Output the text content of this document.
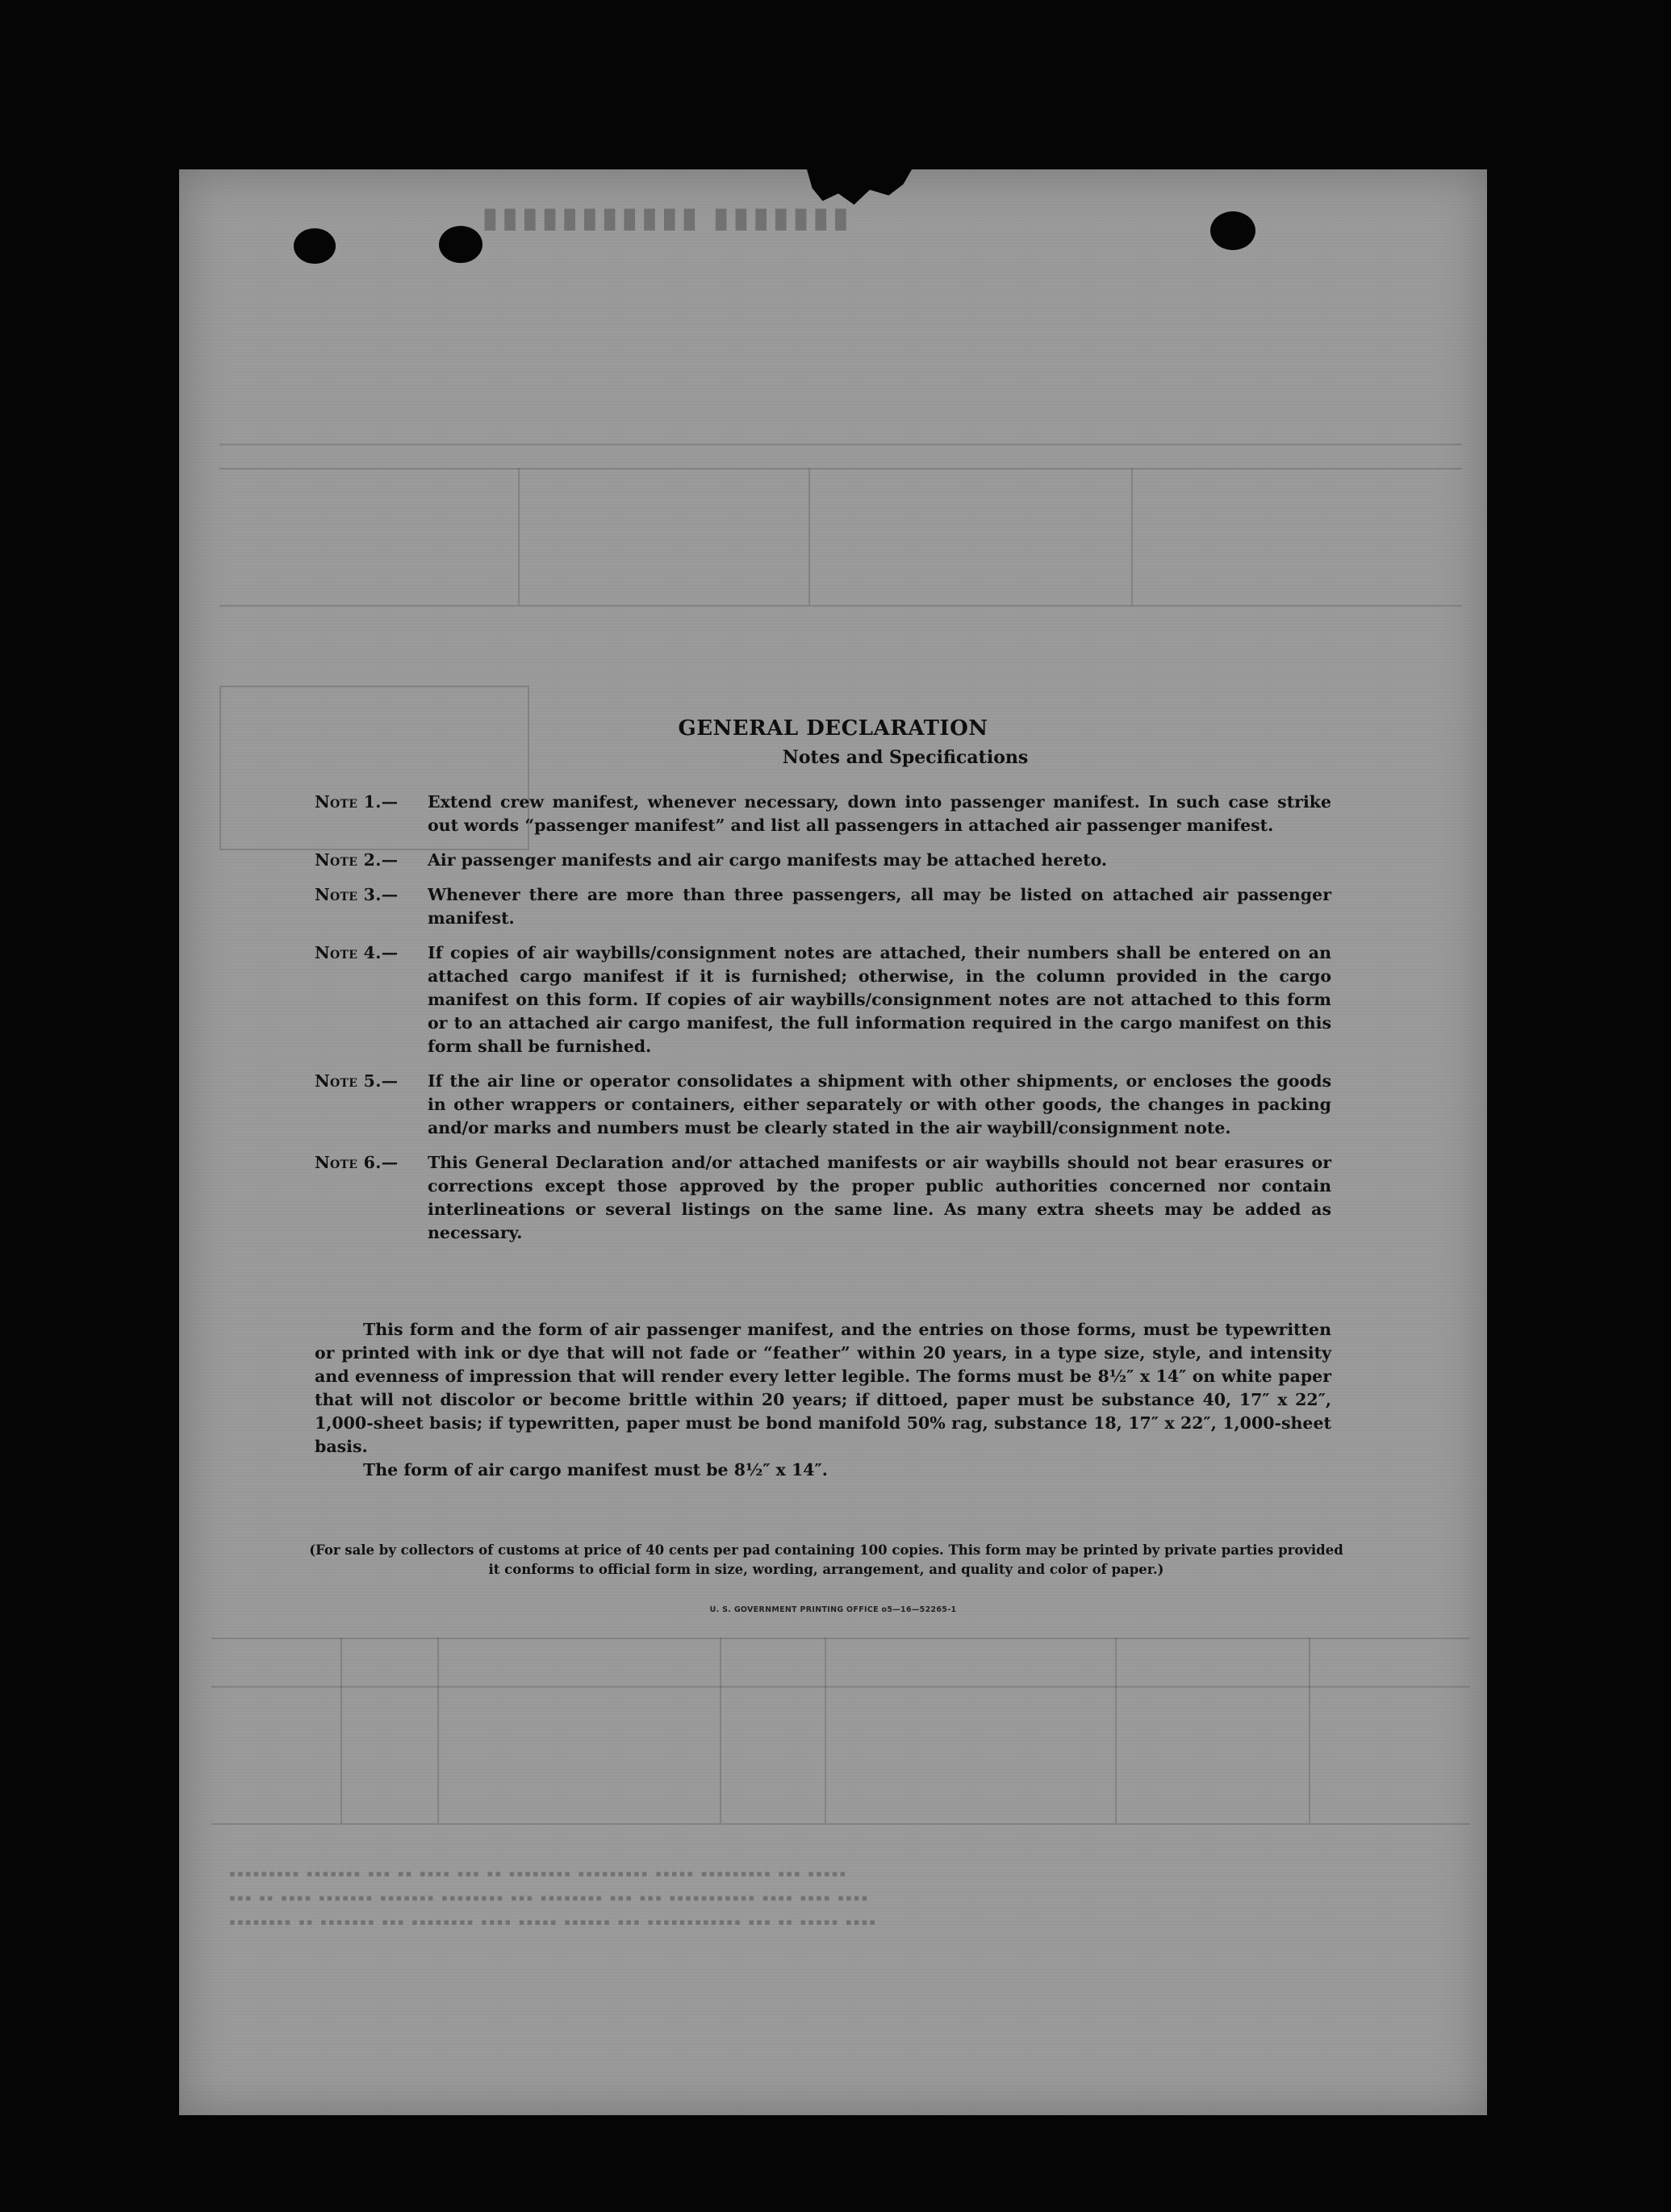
▮▮▮▮▮▮▮ ▮▮▮▮▮▮▮▮▮▮▮
▪▪▪▪▪ ▪▪▪ ▪▪▪▪▪▪▪▪▪ ▪▪▪▪▪ ▪▪▪▪▪▪▪▪▪ ▪▪▪▪▪▪▪▪ ▪▪ ▪▪▪ ▪▪▪▪ ▪▪ ▪▪▪ ▪▪▪▪▪▪▪ ▪▪▪▪▪▪▪▪▪
▪▪▪▪ ▪▪▪▪ ▪▪▪▪ ▪▪▪▪▪▪▪▪▪▪▪ ▪▪▪ ▪▪▪ ▪▪▪▪▪▪▪▪ ▪▪▪ ▪▪▪▪▪▪▪▪ ▪▪▪▪▪▪▪ ▪▪▪▪▪▪▪ ▪▪▪▪ ▪▪ ▪▪▪
▪▪▪▪ ▪▪▪▪▪ ▪▪ ▪▪▪ ▪▪▪▪▪▪▪▪▪▪▪▪ ▪▪▪ ▪▪▪▪▪▪ ▪▪▪▪▪ ▪▪▪▪ ▪▪▪▪▪▪▪▪ ▪▪▪ ▪▪▪▪▪▪▪ ▪▪ ▪▪▪▪▪▪▪▪
GENERAL DECLARATION
Notes and Specifications
Note 1.—	Extend crew manifest, whenever necessary, down into passenger manifest. In such case strike out words “passenger manifest” and list all passengers in attached air passenger manifest.
Note 2.—	Air passenger manifests and air cargo manifests may be attached hereto.
Note 3.—	Whenever there are more than three passengers, all may be listed on attached air passenger manifest.
Note 4.—	If copies of air waybills/consignment notes are attached, their numbers shall be entered on an attached cargo manifest if it is furnished; otherwise, in the column provided in the cargo manifest on this form. If copies of air waybills/consignment notes are not attached to this form or to an attached air cargo manifest, the full information required in the cargo manifest on this form shall be furnished.
Note 5.—	If the air line or operator consolidates a shipment with other shipments, or encloses the goods in other wrappers or containers, either separately or with other goods, the changes in packing and/or marks and numbers must be clearly stated in the air waybill/consignment note.
Note 6.—	This General Declaration and/or attached manifests or air waybills should not bear erasures or corrections except those approved by the proper public authorities concerned nor contain interlineations or several listings on the same line. As many extra sheets may be added as necessary.
This form and the form of air passenger manifest, and the entries on those forms, must be typewritten or printed with ink or dye that will not fade or “feather” within 20 years, in a type size, style, and intensity and evenness of impression that will render every letter legible. The forms must be 8½″ x 14″ on white paper that will not discolor or become brittle within 20 years; if dittoed, paper must be substance 40, 17″ x 22″, 1,000-sheet basis; if typewritten, paper must be bond manifold 50% rag, substance 18, 17″ x 22″, 1,000-sheet basis.
The form of air cargo manifest must be 8½″ x 14″.
(For sale by collectors of customs at price of 40 cents per pad containing 100 copies. This form may be printed by private parties provided it conforms to official form in size, wording, arrangement, and quality and color of paper.)
U. S. GOVERNMENT PRINTING OFFICE o5—16—52265-1
